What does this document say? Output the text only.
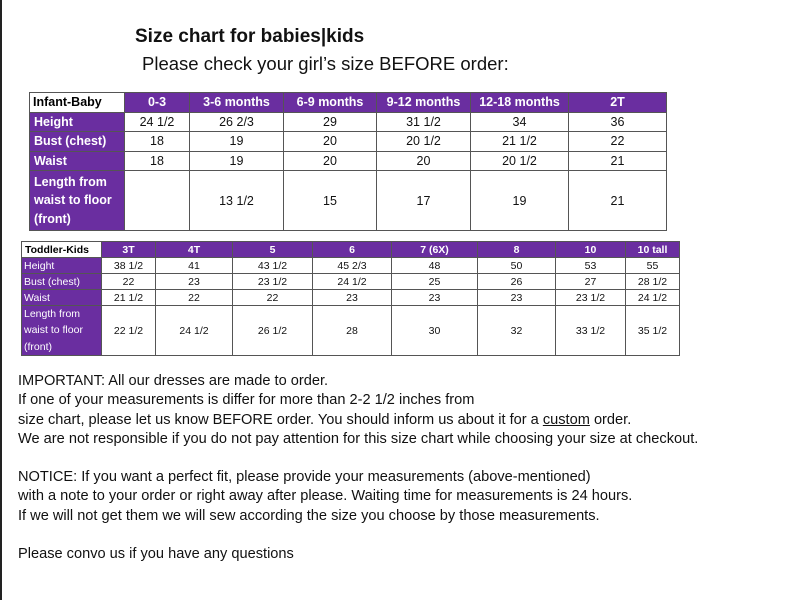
Size chart for babies|kids
Please check your girl’s size BEFORE order:
Infant-Baby	0-3	3-6 months	6-9 months	9-12 months	12-18 months	2T
Height	24 1/2	26 2/3	29	31 1/2	34	36
Bust (chest)	18	19	20	20 1/2	21 1/2	22
Waist	18	19	20	20	20 1/2	21
Length from waist to floor (front)		13 1/2	15	17	19	21
Toddler-Kids	3T	4T	5	6	7 (6X)	8	10	10 tall
Height	38 1/2	41	43 1/2	45 2/3	48	50	53	55
Bust (chest)	22	23	23 1/2	24 1/2	25	26	27	28 1/2
Waist	21 1/2	22	22	23	23	23	23 1/2	24 1/2
Length from waist to floor (front)	22 1/2	24 1/2	26 1/2	28	30	32	33 1/2	35 1/2

IMPORTANT: All our dresses are made to order.

If one of your measurements is differ for more than 2-2 1/2 inches from

size chart, please let us know BEFORE order. You should inform us about it for a custom order.

We are not responsible if you do not pay attention for this size chart while choosing your size at checkout.

NOTICE: If you want a perfect fit, please provide your measurements (above-mentioned)

with a note to your order or right away after please. Waiting time for measurements is 24 hours.

If we will not get them we will sew according the size you choose by those measurements.

Please convo us if you have any questions
